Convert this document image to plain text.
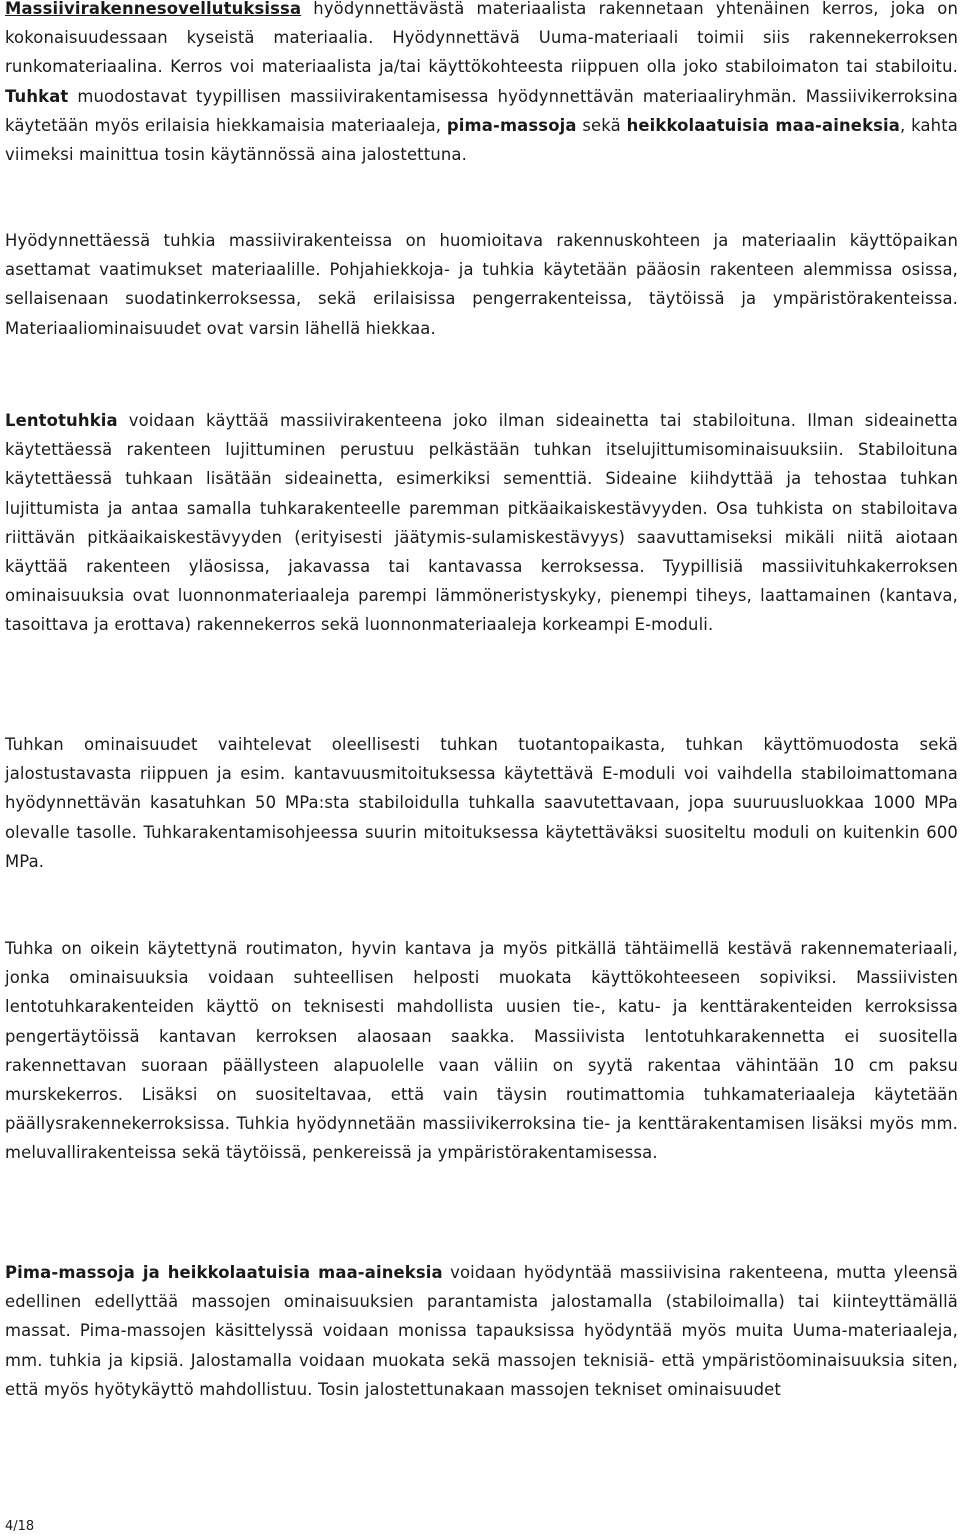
Massiivirakennesovellutuksissa hyödynnettävästä materiaalista rakennetaan yhtenäinen kerros, joka on kokonaisuudessaan kyseistä materiaalia. Hyödynnettävä Uuma-materiaali toimii siis rakennekerroksen runkomateriaalina. Kerros voi materiaalista ja/tai käyttökohteesta riippuen olla joko stabiloimaton tai stabiloitu. Tuhkat muodostavat tyypillisen massiivirakentamisessa hyödynnettävän materiaaliryhmän. Massiivikerroksina käytetään myös erilaisia hiekkamaisia materiaaleja, pima-massoja sekä heikkolaatuisia maa-aineksia, kahta viimeksi mainittua tosin käytännössä aina jalostettuna.

Hyödynnettäessä tuhkia massiivirakenteissa on huomioitava rakennuskohteen ja materiaalin käyttöpaikan asettamat vaatimukset materiaalille. Pohjahiekkoja- ja tuhkia käytetään pääosin rakenteen alemmissa osissa, sellaisenaan suodatinkerroksessa, sekä erilaisissa pengerrakenteissa, täytöissä ja ympäristörakenteissa. Materiaaliominaisuudet ovat varsin lähellä hiekkaa.

Lentotuhkia voidaan käyttää massiivirakenteena joko ilman sideainetta tai stabiloituna. Ilman sideainetta käytettäessä rakenteen lujittuminen perustuu pelkästään tuhkan itselujittumisominaisuuksiin. Stabiloituna käytettäessä tuhkaan lisätään sideainetta, esimerkiksi sementtiä. Sideaine kiihdyttää ja tehostaa tuhkan lujittumista ja antaa samalla tuhkarakenteelle paremman pitkäaikaiskestävyyden. Osa tuhkista on stabiloitava riittävän pitkäaikaiskestävyyden (erityisesti jäätymis-sulamiskestävyys) saavuttamiseksi mikäli niitä aiotaan käyttää rakenteen yläosissa, jakavassa tai kantavassa kerroksessa. Tyypillisiä massiivituhkakerroksen ominaisuuksia ovat luonnonmateriaaleja parempi lämmöneristyskyky, pienempi tiheys, laattamainen (kantava, tasoittava ja erottava) rakennekerros sekä luonnonmateriaaleja korkeampi E-moduli.

Tuhkan ominaisuudet vaihtelevat oleellisesti tuhkan tuotantopaikasta, tuhkan käyttömuodosta sekä jalostustavasta riippuen ja esim. kantavuusmitoituksessa käytettävä E-moduli voi vaihdella stabiloimattomana hyödynnettävän kasatuhkan 50 MPa:sta stabiloidulla tuhkalla saavutettavaan, jopa suuruusluokkaa 1000 MPa olevalle tasolle. Tuhkarakentamisohjeessa suurin mitoituksessa käytettäväksi suositeltu moduli on kuitenkin 600 MPa.

Tuhka on oikein käytettynä routimaton, hyvin kantava ja myös pitkällä tähtäimellä kestävä rakennemateriaali, jonka ominaisuuksia voidaan suhteellisen helposti muokata käyttökohteeseen sopiviksi. Massiivisten lentotuhkarakenteiden käyttö on teknisesti mahdollista uusien tie-, katu- ja kenttärakenteiden kerroksissa pengertäytöissä kantavan kerroksen alaosaan saakka. Massiivista lentotuhkarakennetta ei suositella rakennettavan suoraan päällysteen alapuolelle vaan väliin on syytä rakentaa vähintään 10 cm paksu murskekerros. Lisäksi on suositeltavaa, että vain täysin routimattomia tuhkamateriaaleja käytetään päällysrakennekerroksissa. Tuhkia hyödynnetään massiivikerroksina tie- ja kenttärakentamisen lisäksi myös mm. meluvallirakenteissa sekä täytöissä, penkereissä ja ympäristörakentamisessa.

Pima-massoja ja heikkolaatuisia maa-aineksia voidaan hyödyntää massiivisina rakenteena, mutta yleensä edellinen edellyttää massojen ominaisuuksien parantamista jalostamalla (stabiloimalla) tai kiinteyttämällä massat. Pima-massojen käsittelyssä voidaan monissa tapauksissa hyödyntää myös muita Uuma-materiaaleja, mm. tuhkia ja kipsiä. Jalostamalla voidaan muokata sekä massojen teknisiä- että ympäristöominaisuuksia siten, että myös hyötykäyttö mahdollistuu. Tosin jalostettunakaan massojen tekniset ominaisuudet

4/18
